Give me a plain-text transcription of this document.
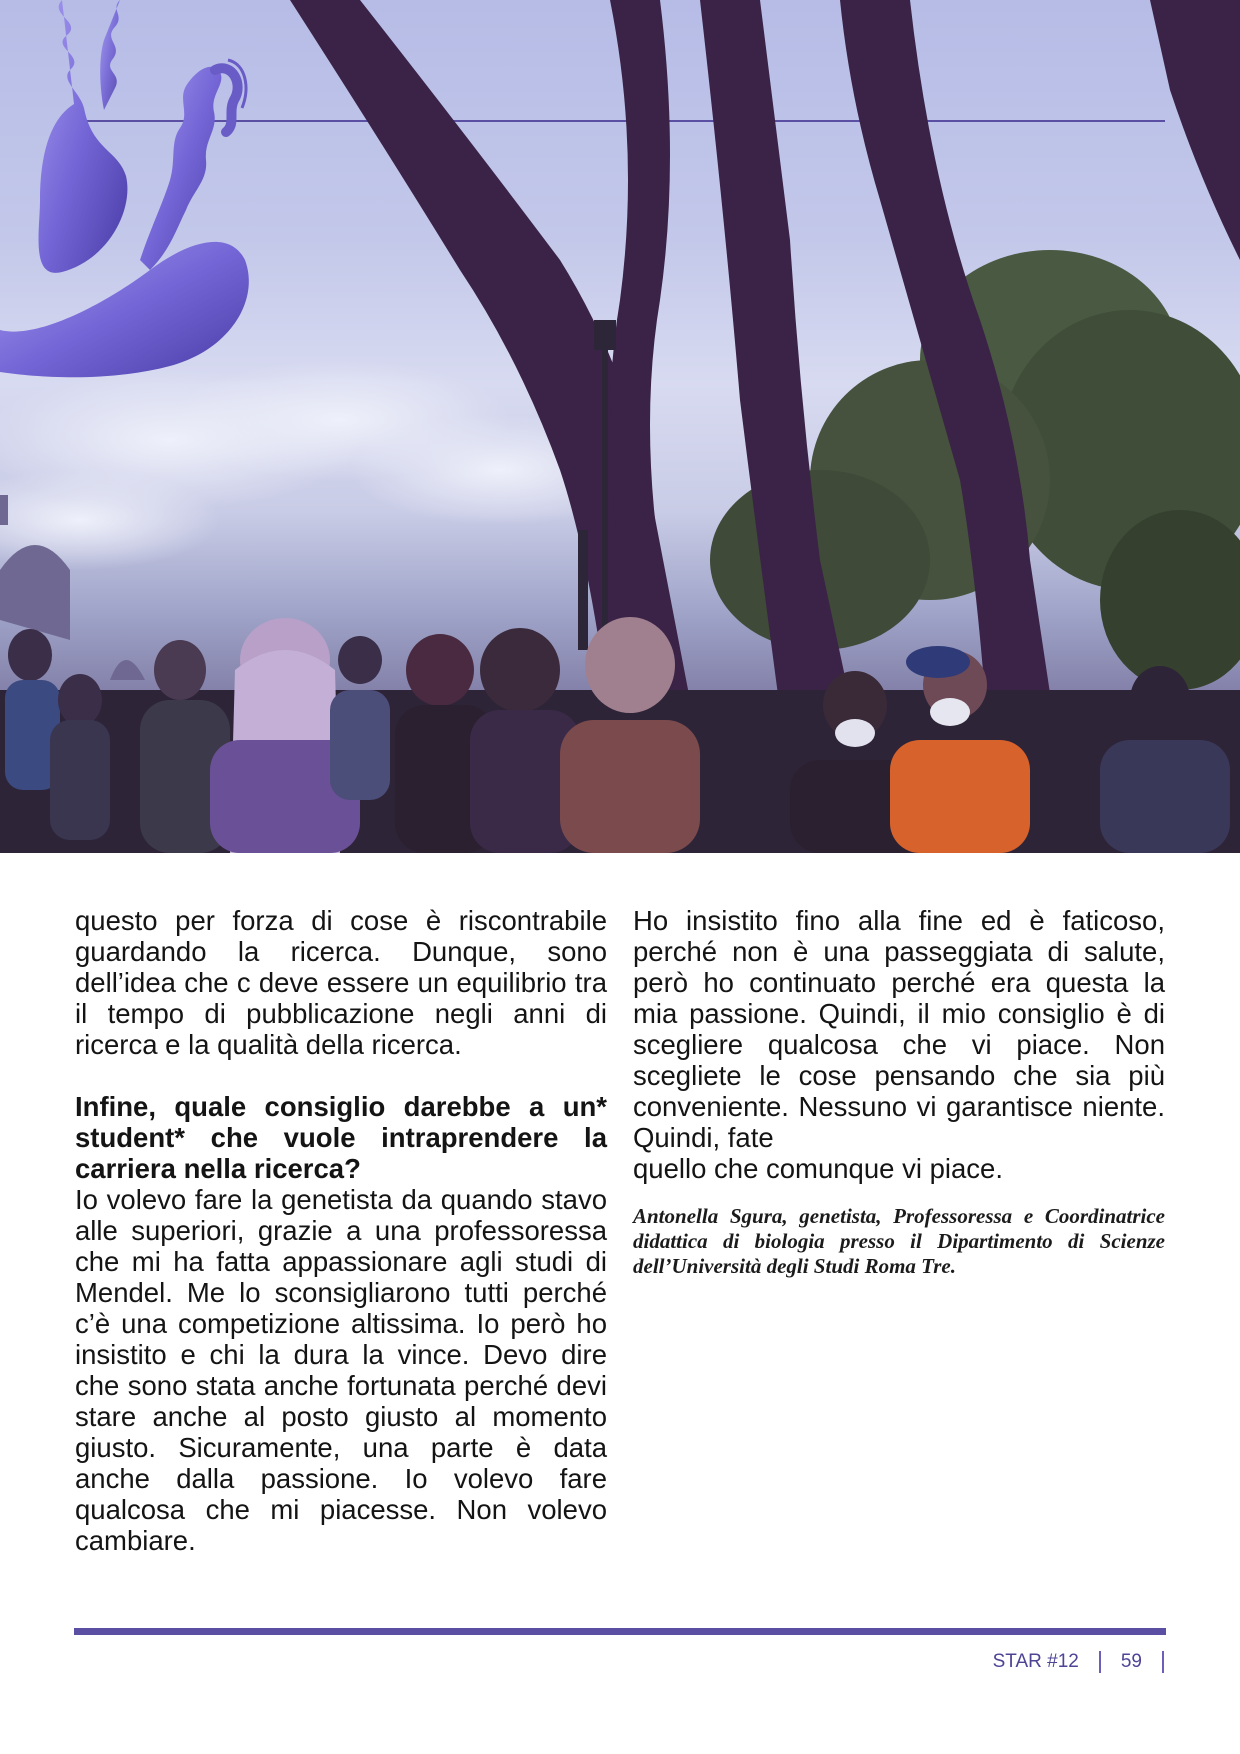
questo per forza di cose è riscontrabile guardando la ricerca. Dunque, sono dell’idea che c deve essere un equilibrio tra il tempo di pubblicazione negli anni di ricerca e la qualità della ricerca.

Infine, quale consiglio darebbe a un* student* che vuole intraprendere la carriera nella ricerca?

Io volevo fare la genetista da quando stavo alle superiori, grazie a una professoressa che mi ha fatta appassionare agli studi di Mendel. Me lo sconsigliarono tutti perché c’è una competizione altissima. Io però ho insistito e chi la dura la vince. Devo dire che sono stata anche fortunata perché devi stare anche al posto giusto al momento giusto. Sicuramente, una parte è data anche dalla passione. Io volevo fare qualcosa che mi piacesse. Non volevo cambiare.

Ho insistito fino alla fine ed è faticoso, perché non è una passeggiata di salute, però ho continuato perché era questa la mia passione. Quindi, il mio consiglio è di scegliere qualcosa che vi piace. Non scegliete le cose pensando che sia più conveniente. Nessuno vi garantisce niente. Quindi, fate

quello che comunque vi piace.

Antonella Sgura, genetista, Professoressa e Coordinatrice didattica di biologia presso il Dipartimento di Scienze dell’Università degli Studi Roma Tre.

STAR #12 59
